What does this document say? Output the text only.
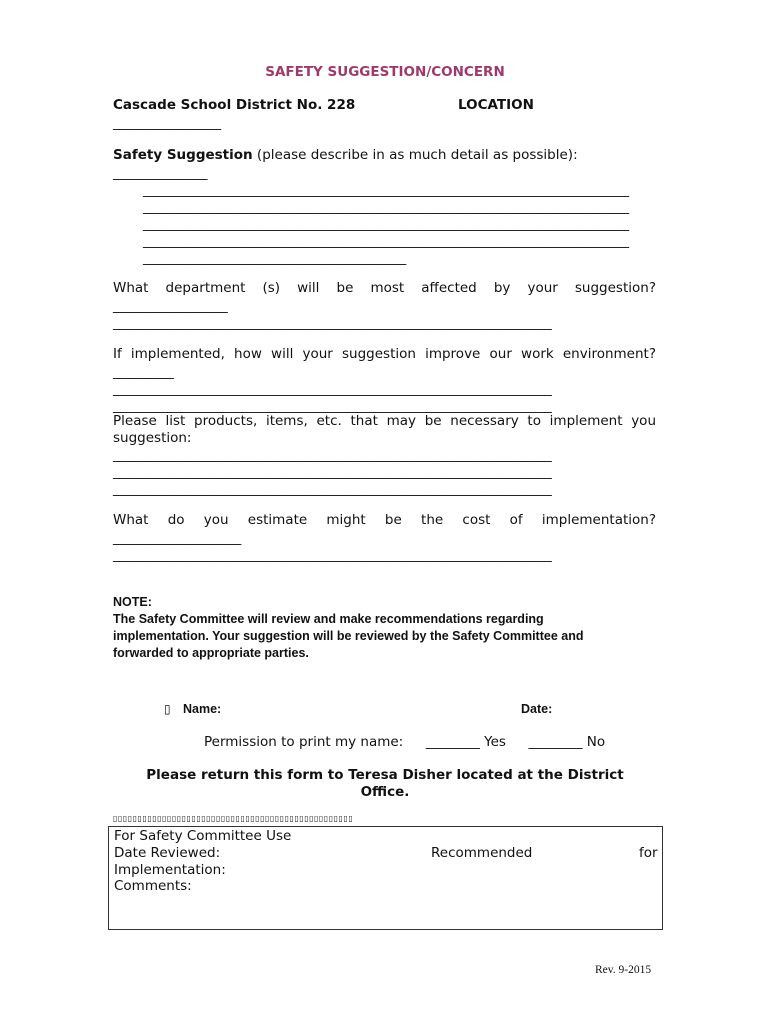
SAFETY SUGGESTION/CONCERN
Cascade School District No. 228	LOCATION
________________
Safety Suggestion (please describe in as much detail as possible):
______________
________________________________________________________________________
________________________________________________________________________
________________________________________________________________________
________________________________________________________________________
_______________________________________
What department (s) will be most affected by your suggestion?
_________________
_________________________________________________________________
If implemented, how will your suggestion improve our work environment?
_________
_________________________________________________________________
_________________________________________________________________
Please list products, items, etc. that may be necessary to implement you
suggestion:
_________________________________________________________________
_________________________________________________________________
_________________________________________________________________
What do you estimate might be the cost of implementation?
___________________
_________________________________________________________________
NOTE:
The Safety Committee will review and make recommendations regarding
implementation. Your suggestion will be reviewed by the Safety Committee and
forwarded to appropriate parties.
▯ Name:	Date:
Permission to print my name: ________ Yes ________ No
Please return this form to Teresa Disher located at the District
Office.
▯▯▯▯▯▯▯▯▯▯▯▯▯▯▯▯▯▯▯▯▯▯▯▯▯▯▯▯▯▯▯▯▯▯▯▯▯▯▯▯▯▯▯▯▯▯▯▯▯
For Safety Committee Use
Date Reviewed:	Recommended	for
Implementation:
Comments:
Rev. 9-2015
